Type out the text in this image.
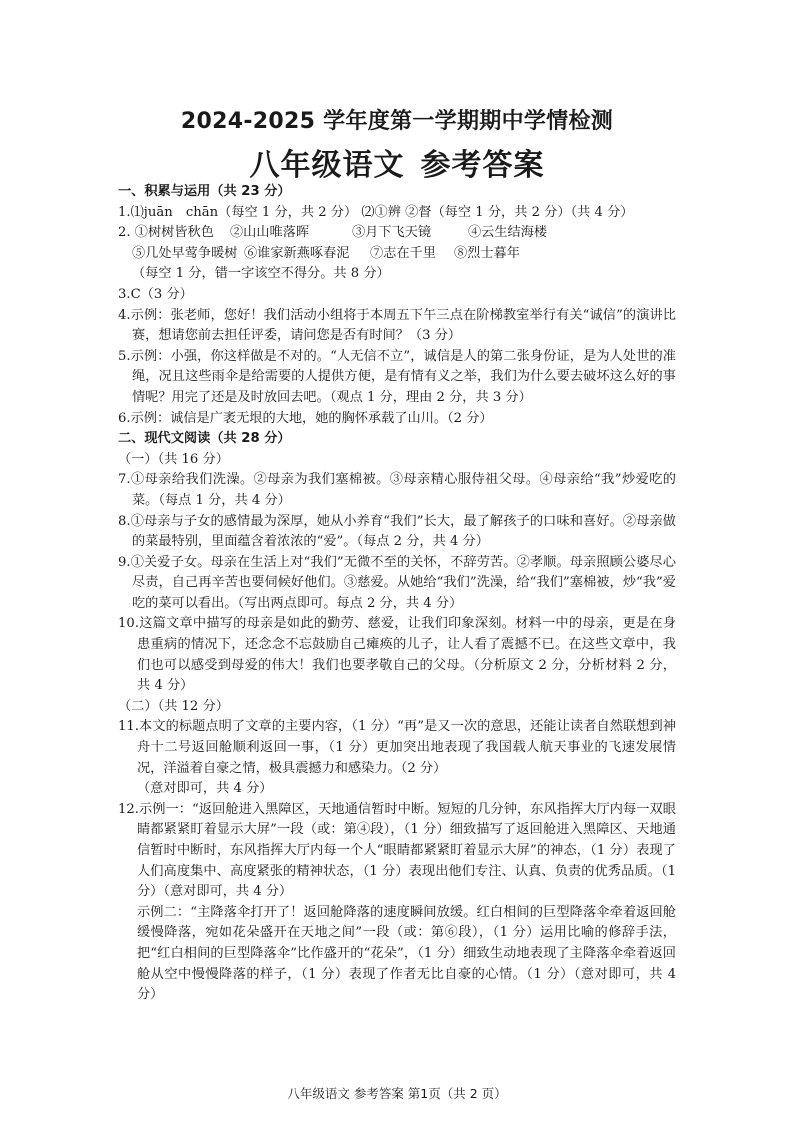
2024-2025 学年度第一学期期中学情检测
八年级语文 参考答案
一、积累与运用（共 23 分）
1.⑴juān　chān（每空 1 分，共 2 分） ⑵①辨 ②督（每空 1 分，共 2 分）（共 4 分）
2. ①树树皆秋色	②山山唯落晖	③月下飞天镜	④云生结海楼
⑤几处早莺争暖树 ⑥谁家新燕啄春泥	⑦志在千里	⑧烈士暮年
（每空 1 分，错一字该空不得分。共 8 分）
3.C（3 分）
4.示例：张老师，您好！我们活动小组将于本周五下午三点在阶梯教室举行有关“诚信”的演讲比赛，想请您前去担任评委，请问您是否有时间？（3 分）
5.示例：小强，你这样做是不对的。“人无信不立”，诚信是人的第二张身份证，是为人处世的准绳，况且这些雨伞是给需要的人提供方便，是有情有义之举，我们为什么要去破坏这么好的事情呢？用完了还是及时放回去吧。（观点 1 分，理由 2 分，共 3 分）
6.示例：诚信是广袤无垠的大地，她的胸怀承载了山川。（2 分）
二、现代文阅读（共 28 分）
（一）（共 16 分）
7.①母亲给我们洗澡。②母亲为我们塞棉被。③母亲精心服侍祖父母。④母亲给“我”炒爱吃的菜。（每点 1 分，共 4 分）
8.①母亲与子女的感情最为深厚，她从小养育“我们”长大，最了解孩子的口味和喜好。②母亲做的菜最特别，里面蕴含着浓浓的“爱”。（每点 2 分，共 4 分）
9.①关爱子女。母亲在生活上对“我们”无微不至的关怀，不辞劳苦。②孝顺。母亲照顾公婆尽心尽责，自己再辛苦也要伺候好他们。③慈爱。从她给“我们”洗澡，给“我们”塞棉被，炒“我”爱吃的菜可以看出。（写出两点即可。每点 2 分，共 4 分）
10.这篇文章中描写的母亲是如此的勤劳、慈爱，让我们印象深刻。材料一中的母亲，更是在身患重病的情况下，还念念不忘鼓励自己瘫痪的儿子，让人看了震撼不已。在这些文章中，我们也可以感受到母爱的伟大！我们也要孝敬自己的父母。（分析原文 2 分，分析材料 2 分，共 4 分）
（二）（共 12 分）
11.本文的标题点明了文章的主要内容，（1 分）“再”是又一次的意思，还能让读者自然联想到神舟十二号返回舱顺利返回一事，（1 分）更加突出地表现了我国载人航天事业的飞速发展情况，洋溢着自豪之情，极具震撼力和感染力。（2 分）
（意对即可，共 4 分）
12.示例一：“返回舱进入黑障区，天地通信暂时中断。短短的几分钟，东风指挥大厅内每一双眼睛都紧紧盯着显示大屏”一段（或：第④段），（1 分）细致描写了返回舱进入黑障区、天地通信暂时中断时，东风指挥大厅内每一个人“眼睛都紧紧盯着显示大屏”的神态，（1 分）表现了人们高度集中、高度紧张的精神状态，（1 分）表现出他们专注、认真、负责的优秀品质。（1 分）（意对即可，共 4 分）
示例二：“主降落伞打开了！返回舱降落的速度瞬间放缓。红白相间的巨型降落伞牵着返回舱缓慢降落，宛如花朵盛开在天地之间”一段（或：第⑥段），（1 分）运用比喻的修辞手法，把“红白相间的巨型降落伞”比作盛开的“花朵”，（1 分）细致生动地表现了主降落伞牵着返回舱从空中慢慢降落的样子，（1 分）表现了作者无比自豪的心情。（1 分）（意对即可，共 4 分）
八年级语文 参考答案 第1页（共 2 页）
